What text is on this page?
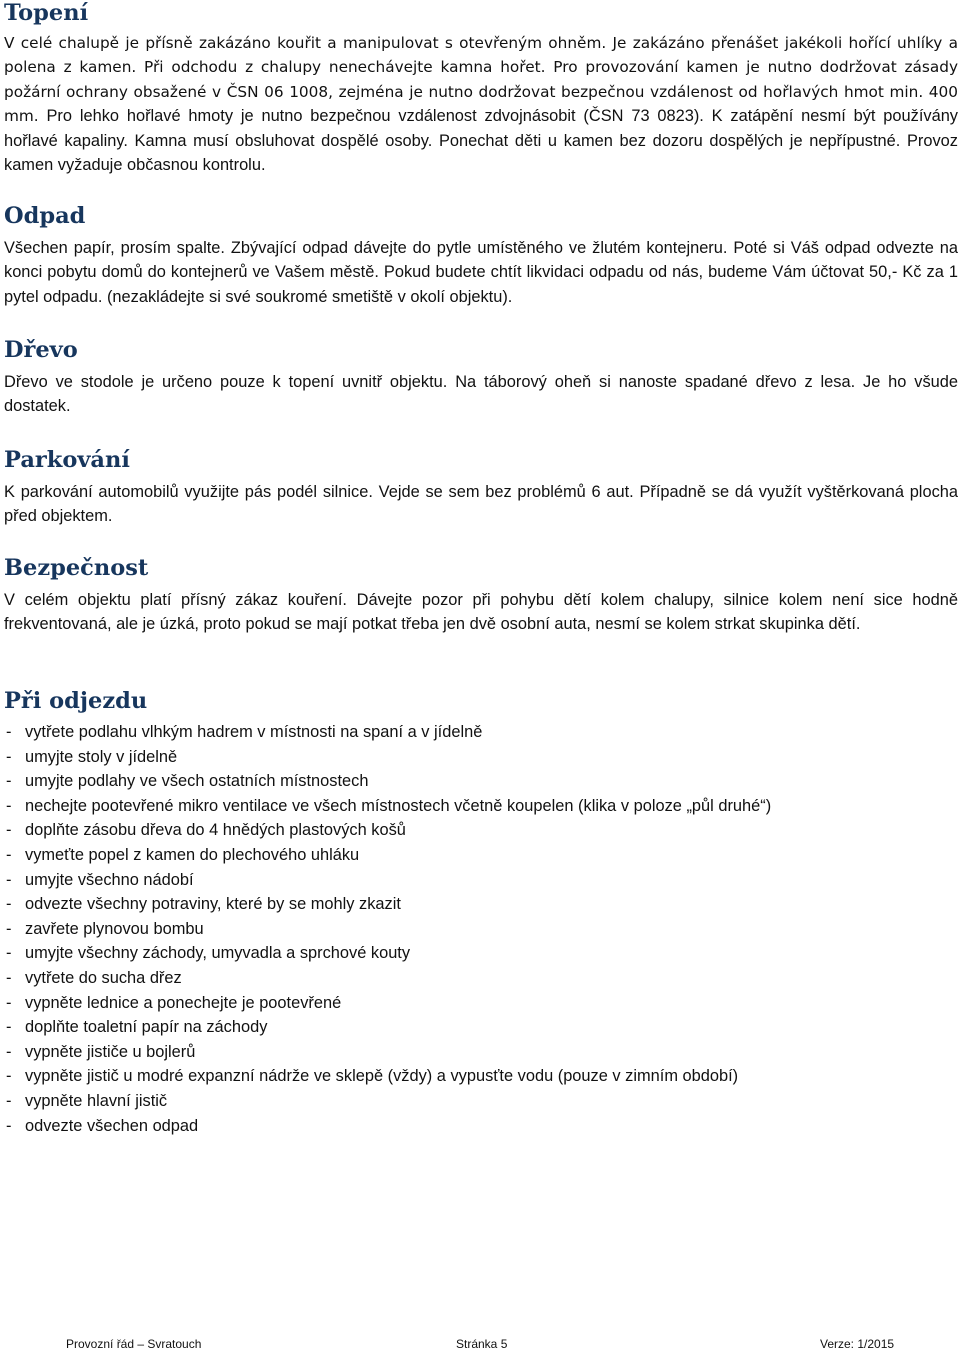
Topení

V celé chalupě je přísně zakázáno kouřit a manipulovat s otevřeným ohněm. Je zakázáno přenášet jakékoli hořící uhlíky a polena z kamen. Při odchodu z chalupy nenechávejte kamna hořet. Pro provozování kamen je nutno dodržovat zásady požární ochrany obsažené v ČSN 06 1008, zejména je nutno dodržovat bezpečnou vzdálenost od hořlavých hmot min. 400 mm. Pro lehko hořlavé hmoty je nutno bezpečnou vzdálenost zdvojnásobit (ČSN 73 0823). K zatápění nesmí být používány hořlavé kapaliny. Kamna musí obsluhovat dospělé osoby. Ponechat děti u kamen bez dozoru dospělých je nepřípustné. Provoz kamen vyžaduje občasnou kontrolu.

Odpad

Všechen papír, prosím spalte. Zbývající odpad dávejte do pytle umístěného ve žlutém kontejneru. Poté si Váš odpad odvezte na konci pobytu domů do kontejnerů ve Vašem městě. Pokud budete chtít likvidaci odpadu od nás, budeme Vám účtovat 50,- Kč za 1 pytel odpadu. (nezakládejte si své soukromé smetiště v okolí objektu).

Dřevo

Dřevo ve stodole je určeno pouze k topení uvnitř objektu. Na táborový oheň si nanoste spadané dřevo z lesa. Je ho všude dostatek.

Parkování

K parkování automobilů využijte pás podél silnice. Vejde se sem bez problémů 6 aut. Případně se dá využít vyštěrkovaná plocha před objektem.

Bezpečnost

V celém objektu platí přísný zákaz kouření. Dávejte pozor při pohybu dětí kolem chalupy, silnice kolem není sice hodně frekventovaná, ale je úzká, proto pokud se mají potkat třeba jen dvě osobní auta, nesmí se kolem strkat skupinka dětí.

Při odjezdu
- vytřete podlahu vlhkým hadrem v místnosti na spaní a v jídelně
- umyjte stoly v jídelně
- umyjte podlahy ve všech ostatních místnostech
- nechejte pootevřené mikro ventilace ve všech místnostech včetně koupelen (klika v poloze „půl druhé“)
- doplňte zásobu dřeva do 4 hnědých plastových košů
- vymeťte popel z kamen do plechového uhláku
- umyjte všechno nádobí
- odvezte všechny potraviny, které by se mohly zkazit
- zavřete plynovou bombu
- umyjte všechny záchody, umyvadla a sprchové kouty
- vytřete do sucha dřez
- vypněte lednice a ponechejte je pootevřené
- doplňte toaletní papír na záchody
- vypněte jističe u bojlerů
- vypněte jistič u modré expanzní nádrže ve sklepě (vždy) a vypusťte vodu (pouze v zimním období)
- vypněte hlavní jistič
- odvezte všechen odpad
Provozní řád – Svratouch	Stránka 5	Verze: 1/2015
